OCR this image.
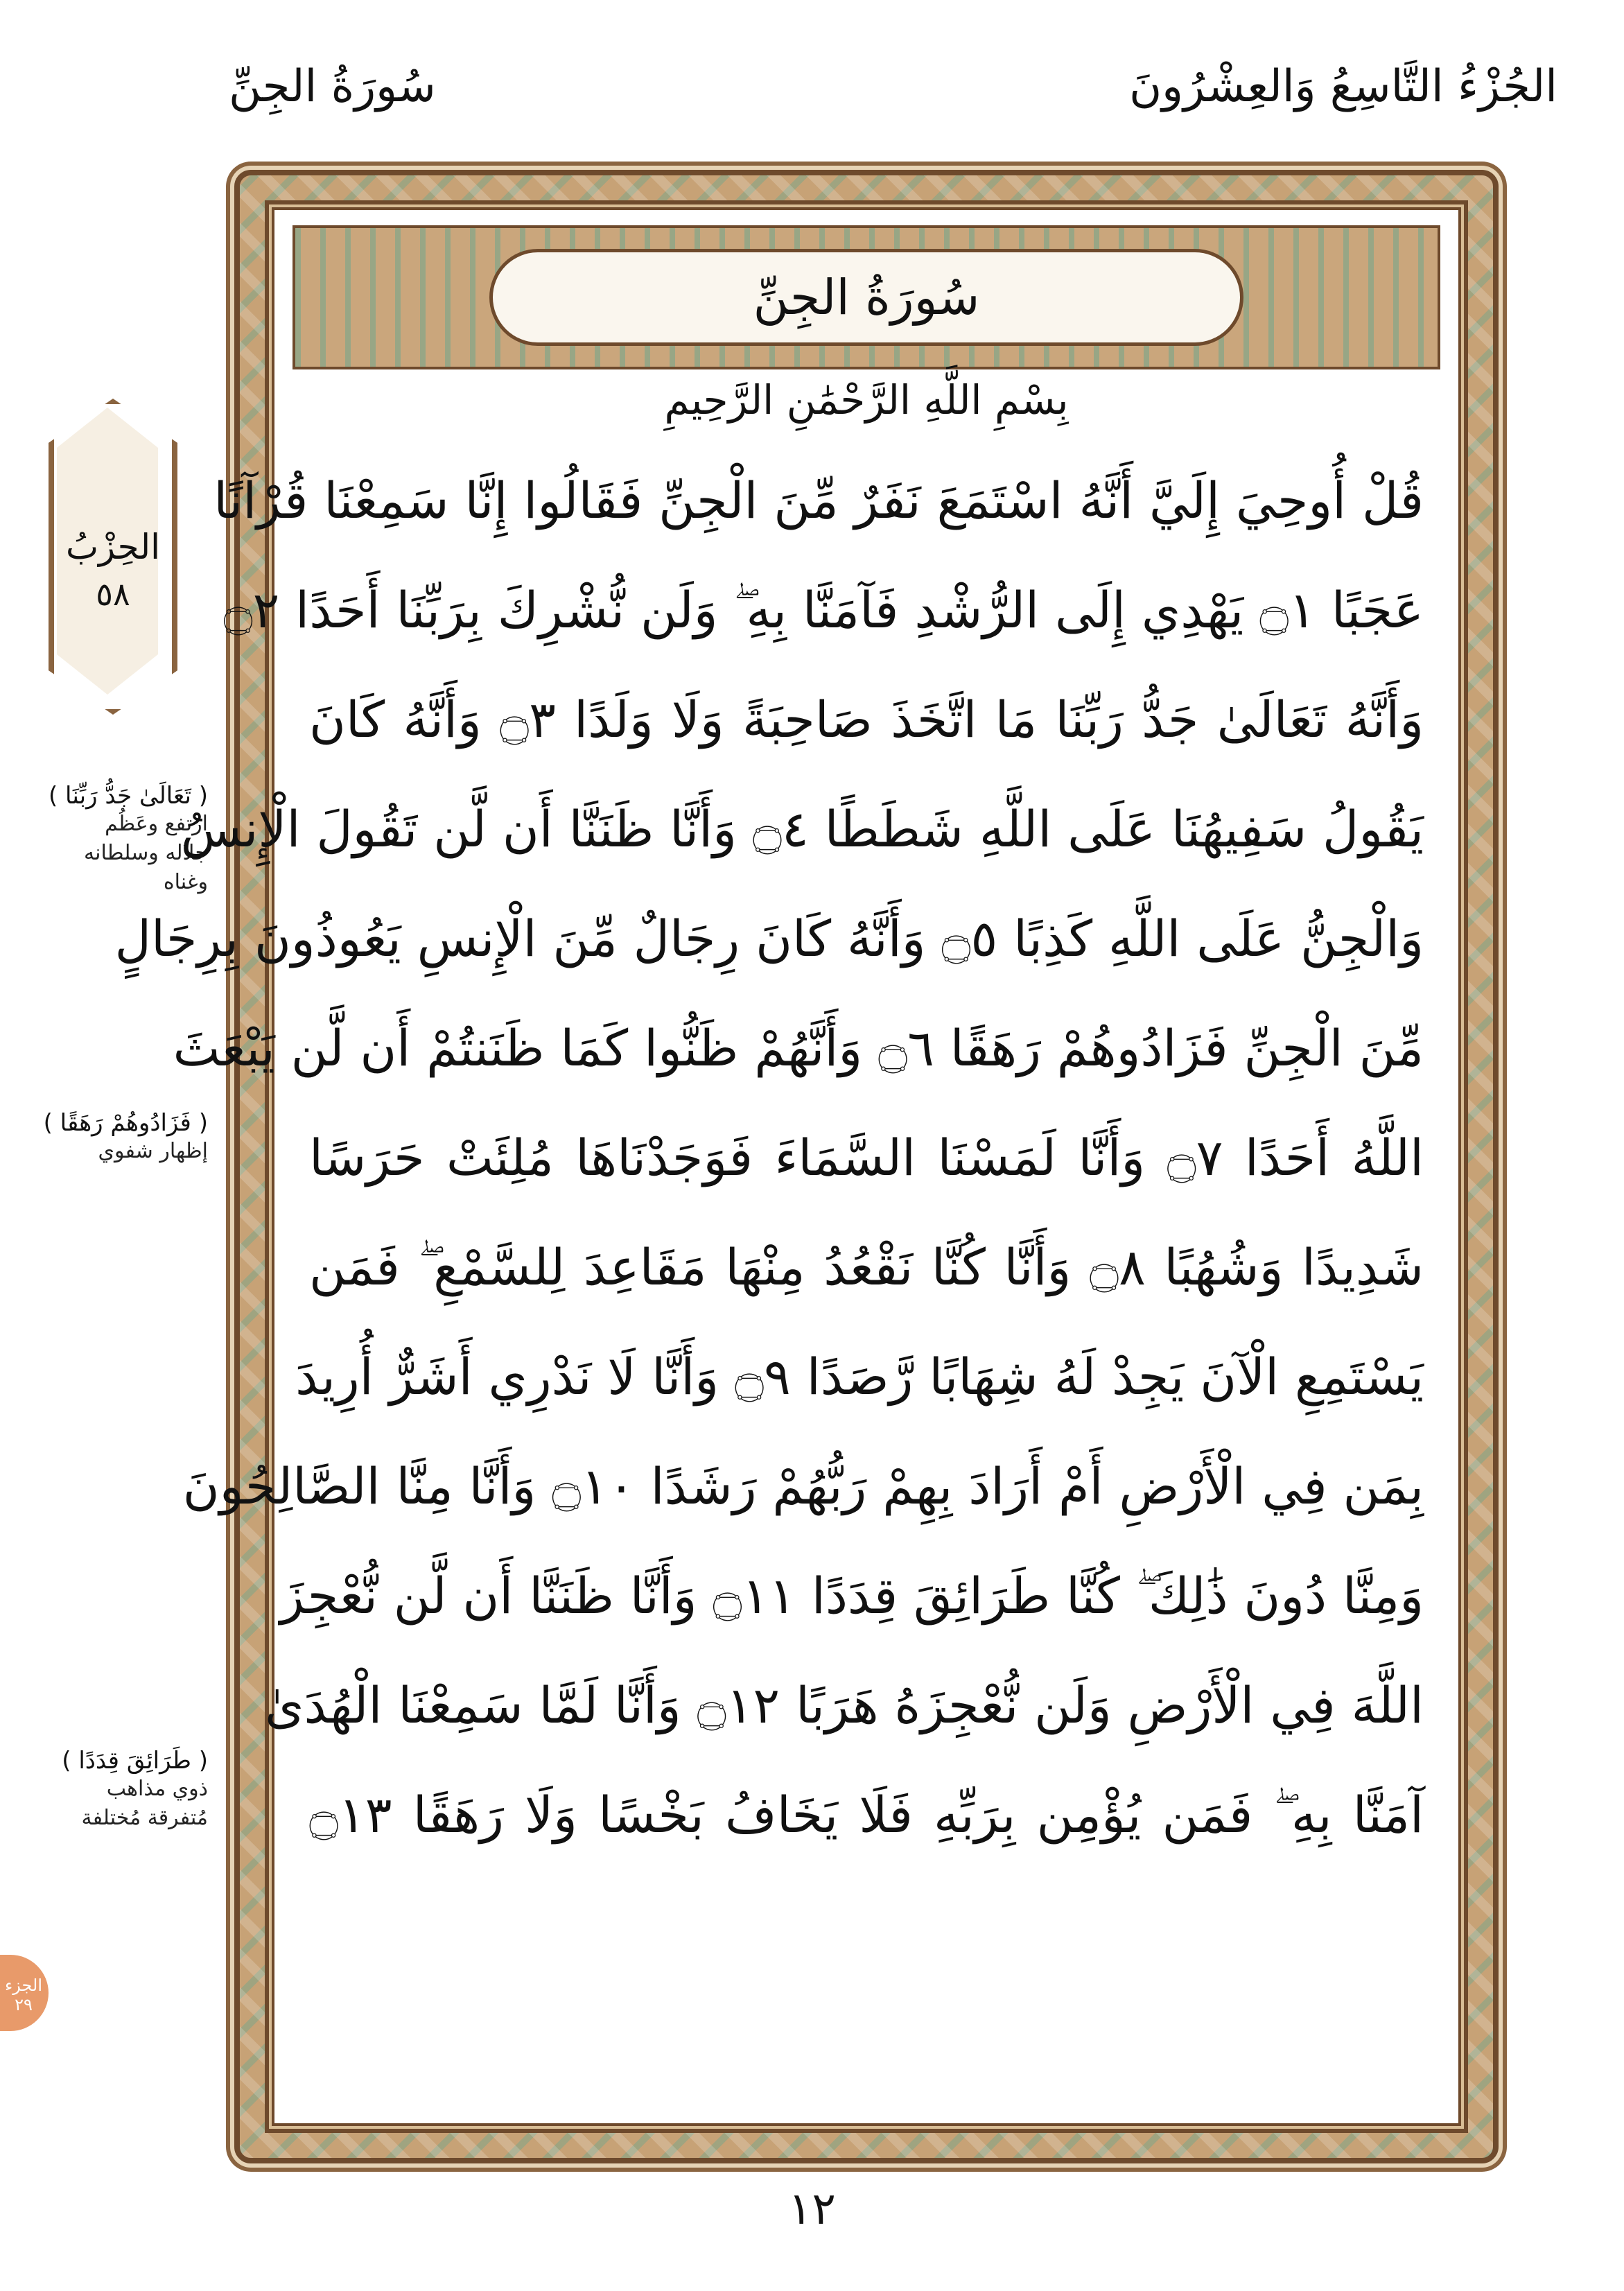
الجُزْءُ التَّاسِعُ وَالعِشْرُونَ
سُورَةُ الجِنِّ
الحِزْبُ
٥٨
( تَعَالَىٰ جَدُّ رَبِّنَا )
ارتفع وعَظُم
جلاله وسلطانه
وغناه
( فَزَادُوهُمْ رَهَقًا )
إظهار شفوي
( طَرَائِقَ قِدَدًا )
ذوي مذاهب
مُتفرقة مُختلفة
سُورَةُ الجِنِّ
بِسْمِ اللَّهِ الرَّحْمَٰنِ الرَّحِيمِ
قُلْ أُوحِيَ إِلَيَّ أَنَّهُ اسْتَمَعَ نَفَرٌ مِّنَ الْجِنِّ فَقَالُوا إِنَّا سَمِعْنَا قُرْآنًا
عَجَبًا ۝١ يَهْدِي إِلَى الرُّشْدِ فَآمَنَّا بِهِ ۖ وَلَن نُّشْرِكَ بِرَبِّنَا أَحَدًا ۝٢
وَأَنَّهُ تَعَالَىٰ جَدُّ رَبِّنَا مَا اتَّخَذَ صَاحِبَةً وَلَا وَلَدًا ۝٣ وَأَنَّهُ كَانَ
يَقُولُ سَفِيهُنَا عَلَى اللَّهِ شَطَطًا ۝٤ وَأَنَّا ظَنَنَّا أَن لَّن تَقُولَ الْإِنسُ
وَالْجِنُّ عَلَى اللَّهِ كَذِبًا ۝٥ وَأَنَّهُ كَانَ رِجَالٌ مِّنَ الْإِنسِ يَعُوذُونَ بِرِجَالٍ
مِّنَ الْجِنِّ فَزَادُوهُمْ رَهَقًا ۝٦ وَأَنَّهُمْ ظَنُّوا كَمَا ظَنَنتُمْ أَن لَّن يَبْعَثَ
اللَّهُ أَحَدًا ۝٧ وَأَنَّا لَمَسْنَا السَّمَاءَ فَوَجَدْنَاهَا مُلِئَتْ حَرَسًا
شَدِيدًا وَشُهُبًا ۝٨ وَأَنَّا كُنَّا نَقْعُدُ مِنْهَا مَقَاعِدَ لِلسَّمْعِ ۖ فَمَن
يَسْتَمِعِ الْآنَ يَجِدْ لَهُ شِهَابًا رَّصَدًا ۝٩ وَأَنَّا لَا نَدْرِي أَشَرٌّ أُرِيدَ
بِمَن فِي الْأَرْضِ أَمْ أَرَادَ بِهِمْ رَبُّهُمْ رَشَدًا ۝١٠ وَأَنَّا مِنَّا الصَّالِحُونَ
وَمِنَّا دُونَ ذَٰلِكَ ۖ كُنَّا طَرَائِقَ قِدَدًا ۝١١ وَأَنَّا ظَنَنَّا أَن لَّن نُّعْجِزَ
اللَّهَ فِي الْأَرْضِ وَلَن نُّعْجِزَهُ هَرَبًا ۝١٢ وَأَنَّا لَمَّا سَمِعْنَا الْهُدَىٰ
آمَنَّا بِهِ ۖ فَمَن يُؤْمِن بِرَبِّهِ فَلَا يَخَافُ بَخْسًا وَلَا رَهَقًا ۝١٣
١٢
الجزء ٢٩
